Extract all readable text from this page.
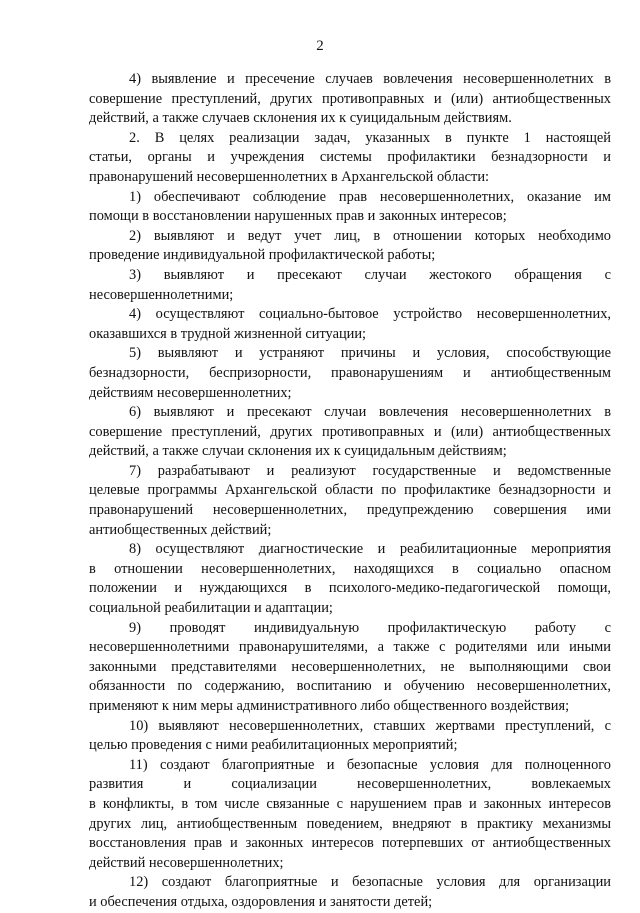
2
4) выявление и пресечение случаев вовлечения несовершеннолетних в
совершение преступлений, других противоправных и (или) антиобщественных
действий, а также случаев склонения их к суицидальным действиям.
2. В целях реализации задач, указанных в пункте 1 настоящей
статьи, органы и учреждения системы профилактики безнадзорности и
правонарушений несовершеннолетних в Архангельской области:
1) обеспечивают соблюдение прав несовершеннолетних, оказание им
помощи в восстановлении нарушенных прав и законных интересов;
2) выявляют и ведут учет лиц, в отношении которых необходимо
проведение индивидуальной профилактической работы;
3) выявляют и пресекают случаи жестокого обращения с
несовершеннолетними;
4) осуществляют социально-бытовое устройство несовершеннолетних,
оказавшихся в трудной жизненной ситуации;
5) выявляют и устраняют причины и условия, способствующие
безнадзорности, беспризорности, правонарушениям и антиобщественным
действиям несовершеннолетних;
6) выявляют и пресекают случаи вовлечения несовершеннолетних в
совершение преступлений, других противоправных и (или) антиобщественных
действий, а также случаи склонения их к суицидальным действиям;
7) разрабатывают и реализуют государственные и ведомственные
целевые программы Архангельской области по профилактике безнадзорности и
правонарушений несовершеннолетних, предупреждению совершения ими
антиобщественных действий;
8) осуществляют диагностические и реабилитационные мероприятия
в отношении несовершеннолетних, находящихся в социально опасном
положении и нуждающихся в психолого-медико-педагогической помощи,
социальной реабилитации и адаптации;
9) проводят индивидуальную профилактическую работу с
несовершеннолетними правонарушителями, а также с родителями или иными
законными представителями несовершеннолетних, не выполняющими свои
обязанности по содержанию, воспитанию и обучению несовершеннолетних,
применяют к ним меры административного либо общественного воздействия;
10) выявляют несовершеннолетних, ставших жертвами преступлений, с
целью проведения с ними реабилитационных мероприятий;
11) создают благоприятные и безопасные условия для полноценного
развития и социализации несовершеннолетних, вовлекаемых
в конфликты, в том числе связанные с нарушением прав и законных интересов
других лиц, антиобщественным поведением, внедряют в практику механизмы
восстановления прав и законных интересов потерпевших от антиобщественных
действий несовершеннолетних;
12) создают благоприятные и безопасные условия для организации
и обеспечения отдыха, оздоровления и занятости детей;
